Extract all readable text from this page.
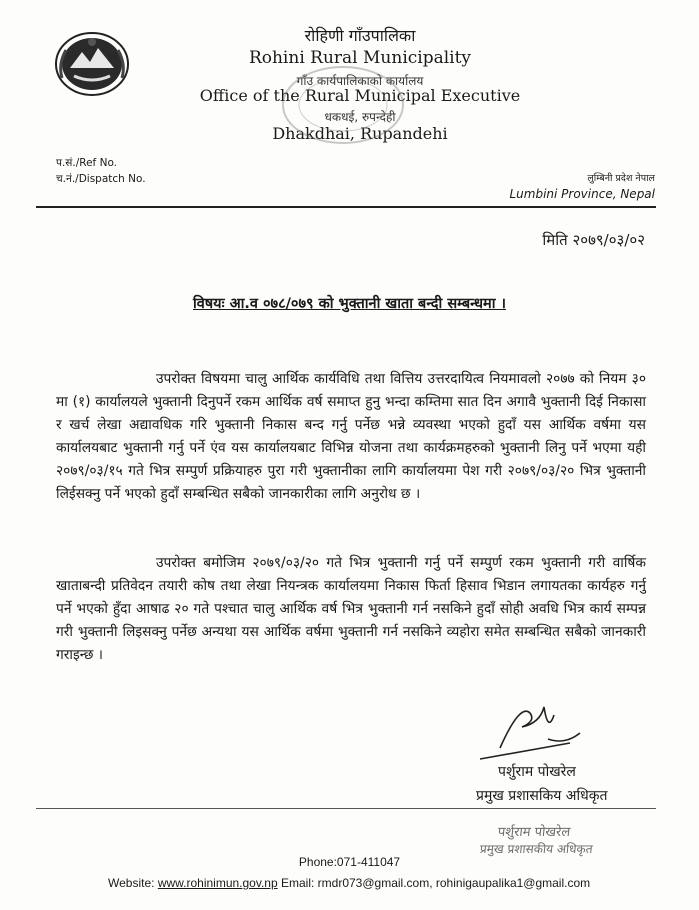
रोहिणी गाँउपालिका
Rohini Rural Municipality
गाँउ कार्यपालिकाको कार्यालय
Office of the Rural Municipal Executive
धकधई, रुपन्देही
Dhakdhai, Rupandehi
प.सं./Ref No.
च.नं./Dispatch No.	लुम्बिनी प्रदेश नेपाल
Lumbini Province, Nepal
मिति २०७९/०३/०२
विषयः आ.व ०७८/०७९ को भुक्तानी खाता बन्दी सम्बन्धमा ।
उपरोक्त विषयमा चालु आर्थिक कार्यविधि तथा वित्तिय उत्तरदायित्व नियमावलो २०७७ को नियम ३० मा (१) कार्यालयले भुक्तानी दिनुपर्ने रकम आर्थिक वर्ष समाप्त हुनु भन्दा कम्तिमा सात दिन अगावै भुक्तानी दिई निकासा र खर्च लेखा अद्यावधिक गरि भुक्तानी निकास बन्द गर्नु पर्नेछ भन्ने व्यवस्था भएको हुदाँ यस आर्थिक वर्षमा यस कार्यालयबाट भुक्तानी गर्नु पर्ने एंव यस कार्यालयबाट विभिन्न योजना तथा कार्यक्रमहरुको भुक्तानी लिनु पर्ने भएमा यही २०७९/०३/१५ गते भित्र सम्पुर्ण प्रक्रियाहरु पुरा गरी भुक्तानीका लागि कार्यालयमा पेश गरी २०७९/०३/२० भित्र भुक्तानी लिईसक्नु पर्ने भएको हुदाँ सम्बन्धित सबैको जानकारीका लागि अनुरोध छ ।
उपरोक्त बमोजिम २०७९/०३/२० गते भित्र भुक्तानी गर्नु पर्ने सम्पुर्ण रकम भुक्तानी गरी वार्षिक खाताबन्दी प्रतिवेदन तयारी कोष तथा लेखा नियन्त्रक कार्यालयमा निकास फिर्ता हिसाव भिडान लगायतका कार्यहरु गर्नु पर्ने भएको हुँदा आषाढ २० गते पश्चात चालु आर्थिक वर्ष भित्र भुक्तानी गर्न नसकिने हुदाँ सोही अवधि भित्र कार्य सम्पन्न गरी भुक्तानी लिइसक्नु पर्नेछ अन्यथा यस आर्थिक वर्षमा भुक्तानी गर्न नसकिने व्यहोरा समेत सम्बन्धित सबैको जानकारी गराइन्छ ।
पर्शुराम पोखरेल
प्रमुख प्रशासकिय अधिकृत
पर्शुराम पोखरेल
प्रमुख प्रशासकीय अधिकृत
Phone:071-411047
Website: www.rohinimun.gov.np Email: rmdr073@gmail.com, rohinigaupalika1@gmail.com
